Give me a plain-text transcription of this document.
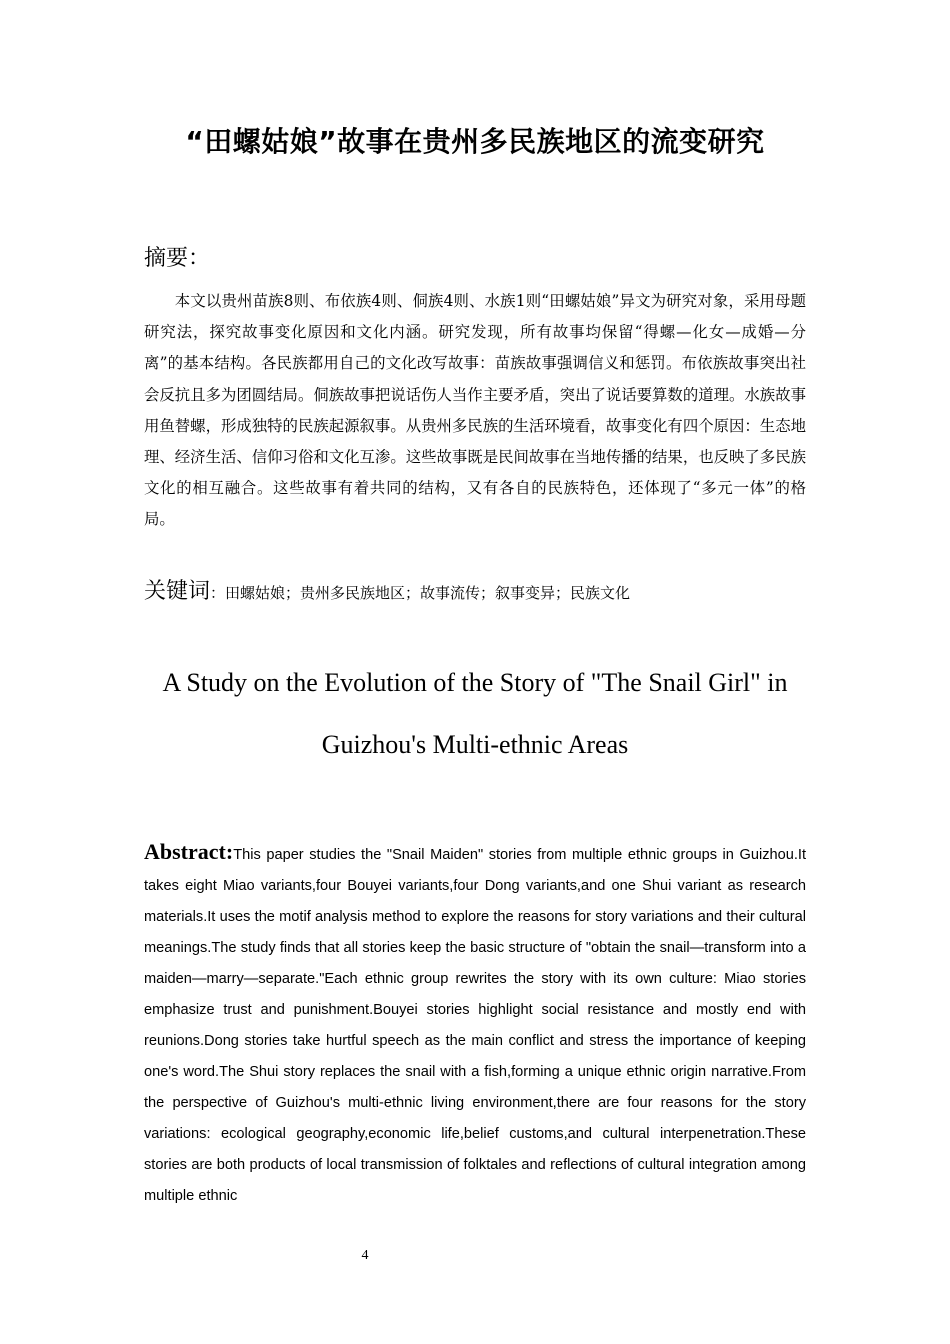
“田螺姑娘”故事在贵州多民族地区的流变研究
摘要：

本文以贵州苗族8则、布依族4则、侗族4则、水族1则“田螺姑娘”异文为研究对象，采用母题研究法，探究故事变化原因和文化内涵。研究发现，所有故事均保留“得螺—化女—成婚—分离”的基本结构。各民族都用自己的文化改写故事：苗族故事强调信义和惩罚。布依族故事突出社会反抗且多为团圆结局。侗族故事把说话伤人当作主要矛盾，突出了说话要算数的道理。水族故事用鱼替螺，形成独特的民族起源叙事。从贵州多民族的生活环境看，故事变化有四个原因：生态地理、经济生活、信仰习俗和文化互渗。这些故事既是民间故事在当地传播的结果，也反映了多民族文化的相互融合。这些故事有着共同的结构，又有各自的民族特色，还体现了“多元一体”的格局。

关键词：田螺姑娘；贵州多民族地区；故事流传；叙事变异；民族文化
A Study on the Evolution of the Story of "The Snail Girl" in
Guizhou's Multi-ethnic Areas

Abstract:This paper studies the "Snail Maiden" stories from multiple ethnic groups in Guizhou.It takes eight Miao variants,four Bouyei variants,four Dong variants,and one Shui variant as research materials.It uses the motif analysis method to explore the reasons for story variations and their cultural meanings.The study finds that all stories keep the basic structure of "obtain the snail—transform into a maiden—marry—separate."Each ethnic group rewrites the story with its own culture: Miao stories emphasize trust and punishment.Bouyei stories highlight social resistance and mostly end with reunions.Dong stories take hurtful speech as the main conflict and stress the importance of keeping one's word.The Shui story replaces the snail with a fish,forming a unique ethnic origin narrative.From the perspective of Guizhou's multi-ethnic living environment,there are four reasons for the story variations: ecological geography,economic life,belief customs,and cultural interpenetration.These stories are both products of local transmission of folktales and reflections of cultural integration among multiple ethnic

4
